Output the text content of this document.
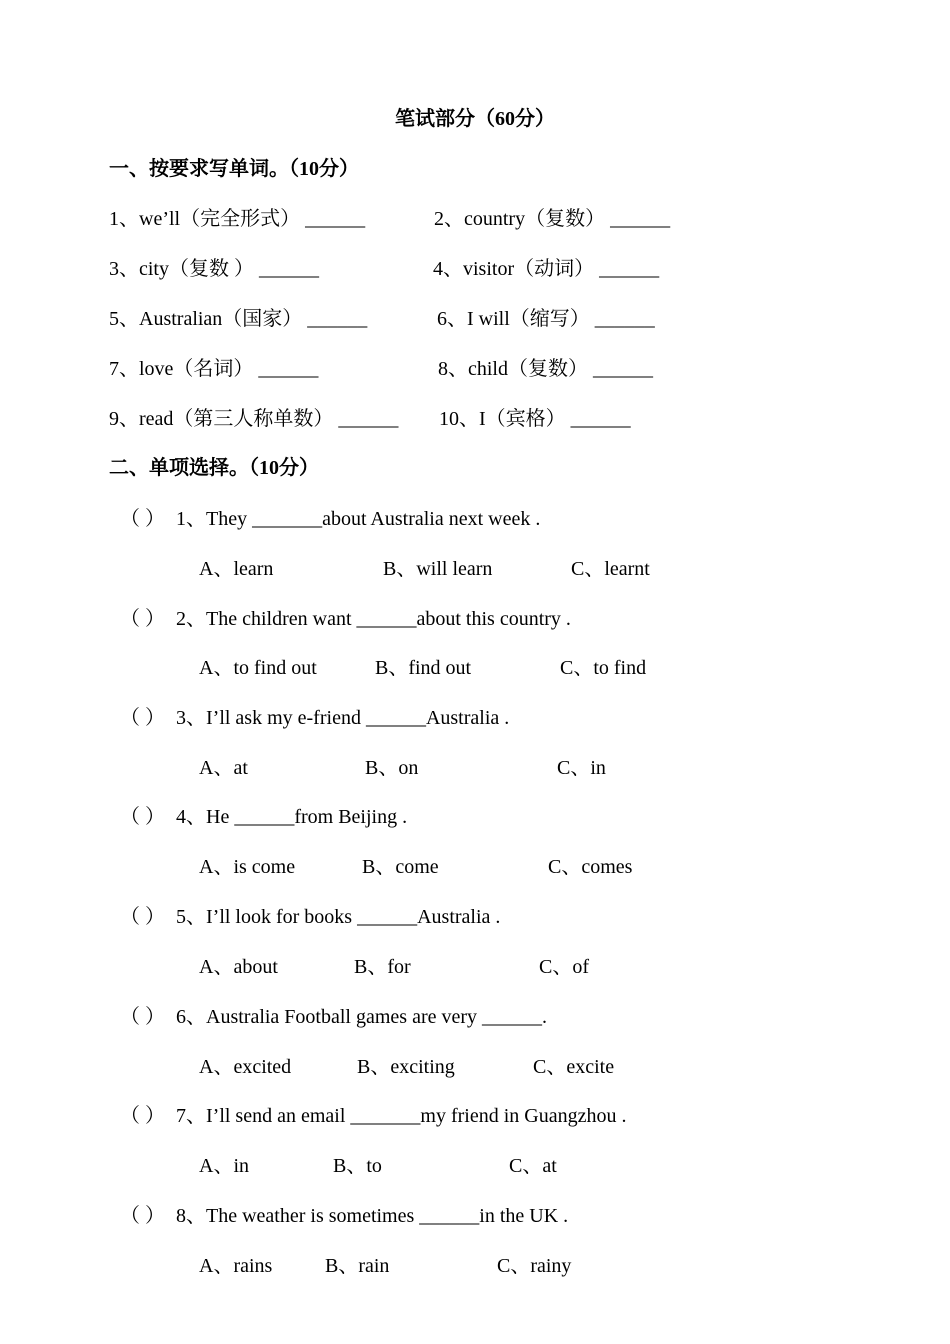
笔试部分（60分）
一、按要求写单词。（10分）
1、we’ll（完全形式） ______	2、country（复数） ______
3、city（复数 ） ______	4、visitor（动词） ______
5、Australian（国家） ______	6、I will（缩写） ______
7、love（名词） ______	8、child（复数） ______
9、read（第三人称单数） ______ 10、I（宾格） ______
二、单项选择。（10分）
（ ） 1、They _______about Australia next week .
A、learn	B、will learn	C、learnt
（ ） 2、The children want ______about this country .
A、to find out	B、find out	C、to find
（ ） 3、I’ll ask my e-friend ______Australia .
A、at	B、on	C、in
（ ） 4、He ______from Beijing .
A、is come	B、come	C、comes
（ ） 5、I’ll look for books ______Australia .
A、about	B、for	C、of
（ ） 6、Australia Football games are very ______.
A、excited	B、exciting	C、excite
（ ） 7、I’ll send an email _______my friend in Guangzhou .
A、in	B、to	C、at
（ ） 8、The weather is sometimes ______in the UK .
A、rains	B、rain	C、rainy
